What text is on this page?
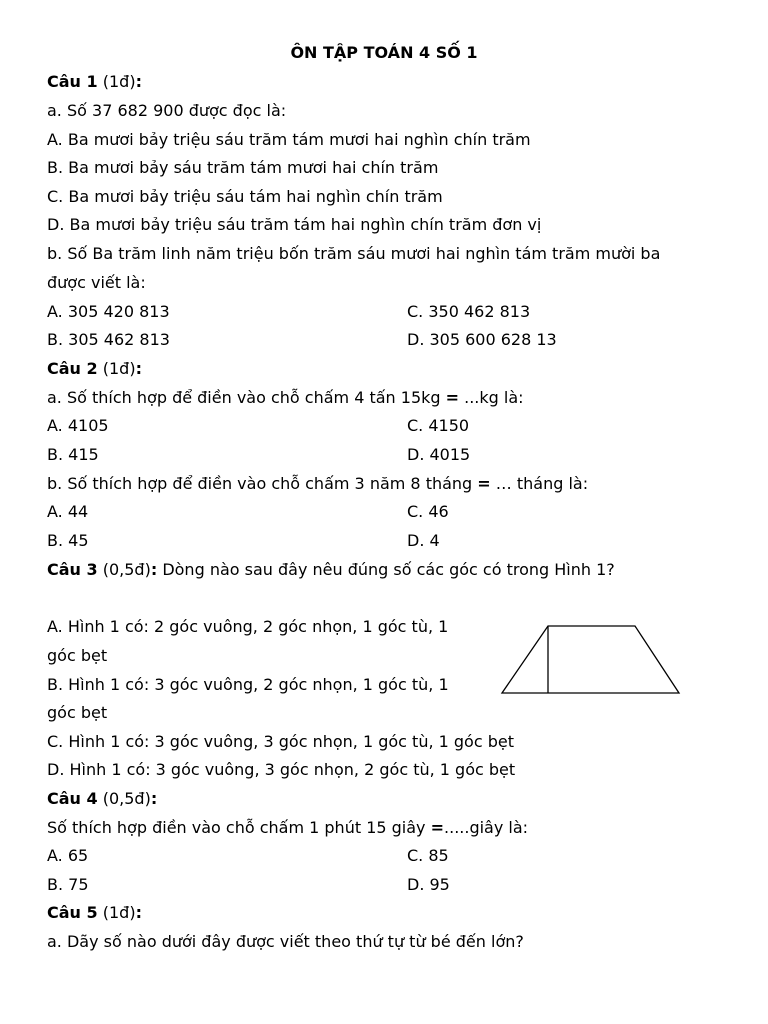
ÔN TẬP TOÁN 4 SỐ 1
Câu 1 (1đ):
a. Số 37 682 900 được đọc là:
A. Ba mươi bảy triệu sáu trăm tám mươi hai nghìn chín trăm
B. Ba mươi bảy sáu trăm tám mươi hai chín trăm
C. Ba mươi bảy triệu sáu tám hai nghìn chín trăm
D. Ba mươi bảy triệu sáu trăm tám hai nghìn chín trăm đơn vị
b. Số Ba trăm linh năm triệu bốn trăm sáu mươi hai nghìn tám trăm mười ba
được viết là:
A. 305 420 813	C. 350 462 813
B. 305 462 813	D. 305 600 628 13
Câu 2 (1đ):
a. Số thích hợp để điền vào chỗ chấm 4 tấn 15kg = ...kg là:
A. 4105	C. 4150
B. 415	D. 4015
b. Số thích hợp để điền vào chỗ chấm 3 năm 8 tháng = … tháng là:
A. 44	C. 46
B. 45	D. 4
Câu 3 (0,5đ): Dòng nào sau đây nêu đúng số các góc có trong Hình 1?
A. Hình 1 có: 2 góc vuông, 2 góc nhọn, 1 góc tù, 1
góc bẹt
B. Hình 1 có: 3 góc vuông, 2 góc nhọn, 1 góc tù, 1
góc bẹt
C. Hình 1 có: 3 góc vuông, 3 góc nhọn, 1 góc tù, 1 góc bẹt
D. Hình 1 có: 3 góc vuông, 3 góc nhọn, 2 góc tù, 1 góc bẹt
Câu 4 (0,5đ):
Số thích hợp điền vào chỗ chấm 1 phút 15 giây =.....giây là:
A. 65	C. 85
B. 75	D. 95
Câu 5 (1đ):
a. Dãy số nào dưới đây được viết theo thứ tự từ bé đến lớn?
